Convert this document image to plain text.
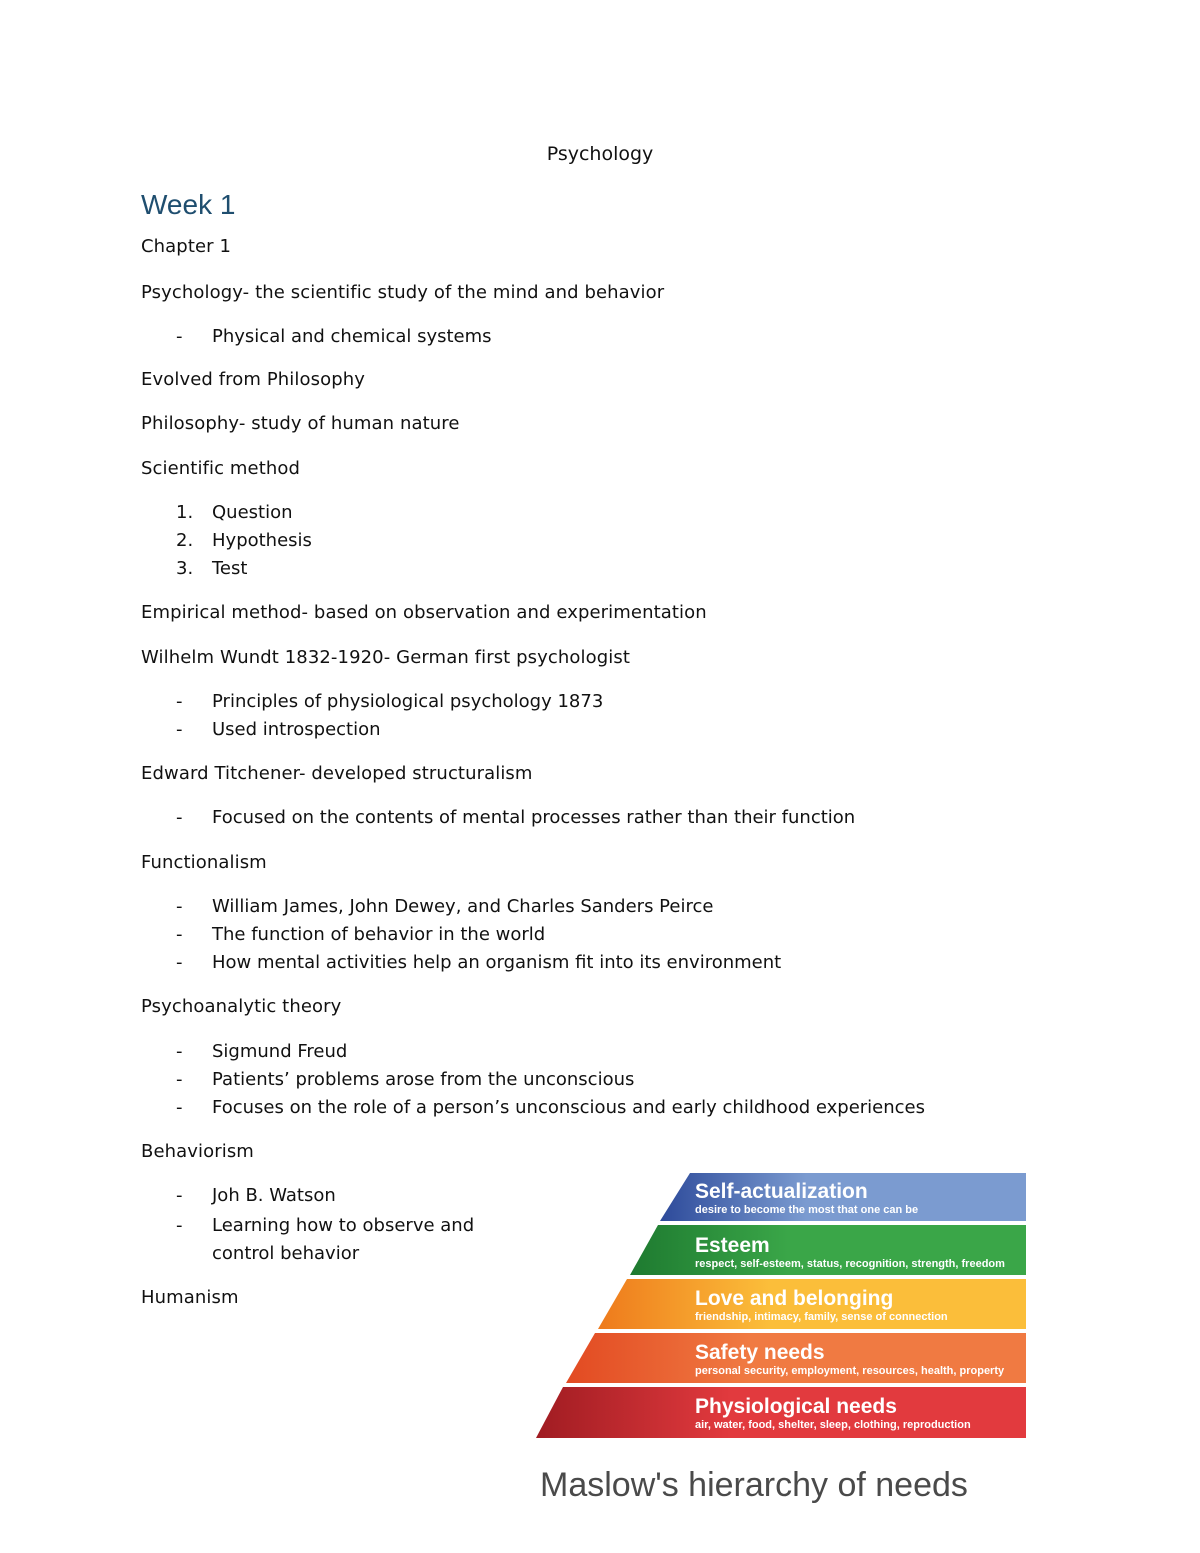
Psychology
Week 1
Chapter 1
Psychology- the scientific study of the mind and behavior
- Physical and chemical systems
Evolved from Philosophy
Philosophy- study of human nature
Scientific method
1. Question
2. Hypothesis
3. Test
Empirical method- based on observation and experimentation
Wilhelm Wundt 1832-1920- German first psychologist
- Principles of physiological psychology 1873
- Used introspection
Edward Titchener- developed structuralism
- Focused on the contents of mental processes rather than their function
Functionalism
- William James, John Dewey, and Charles Sanders Peirce
- The function of behavior in the world
- How mental activities help an organism fit into its environment
Psychoanalytic theory
- Sigmund Freud
- Patients’ problems arose from the unconscious
- Focuses on the role of a person’s unconscious and early childhood experiences
Behaviorism
- Joh B. Watson
- Learning how to observe and
control behavior
Humanism
Self-actualization
desire to become the most that one can be
Esteem
respect, self-esteem, status, recognition, strength, freedom
Love and belonging
friendship, intimacy, family, sense of connection
Safety needs
personal security, employment, resources, health, property
Physiological needs
air, water, food, shelter, sleep, clothing, reproduction
Maslow's hierarchy of needs
